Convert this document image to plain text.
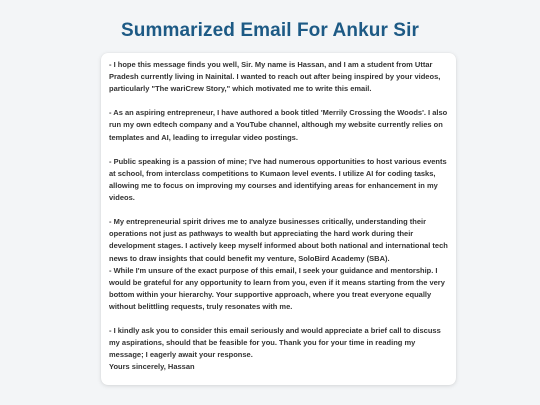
Summarized Email For Ankur Sir

- I hope this message finds you well, Sir. My name is Hassan, and I am a student from Uttar Pradesh currently living in Nainital. I wanted to reach out after being inspired by your videos, particularly "The wariCrew Story," which motivated me to write this email.

- As an aspiring entrepreneur, I have authored a book titled 'Merrily Crossing the Woods'. I also run my own edtech company and a YouTube channel, although my website currently relies on templates and AI, leading to irregular video postings.

- Public speaking is a passion of mine; I've had numerous opportunities to host various events at school, from interclass competitions to Kumaon level events. I utilize AI for coding tasks, allowing me to focus on improving my courses and identifying areas for enhancement in my videos.

- My entrepreneurial spirit drives me to analyze businesses critically, understanding their operations not just as pathways to wealth but appreciating the hard work during their development stages. I actively keep myself informed about both national and international tech news to draw insights that could benefit my venture, SoloBird Academy (SBA).

- While I'm unsure of the exact purpose of this email, I seek your guidance and mentorship. I would be grateful for any opportunity to learn from you, even if it means starting from the very bottom within your hierarchy. Your supportive approach, where you treat everyone equally without belittling requests, truly resonates with me.

- I kindly ask you to consider this email seriously and would appreciate a brief call to discuss my aspirations, should that be feasible for you. Thank you for your time in reading my message; I eagerly await your response.

Yours sincerely, Hassan
